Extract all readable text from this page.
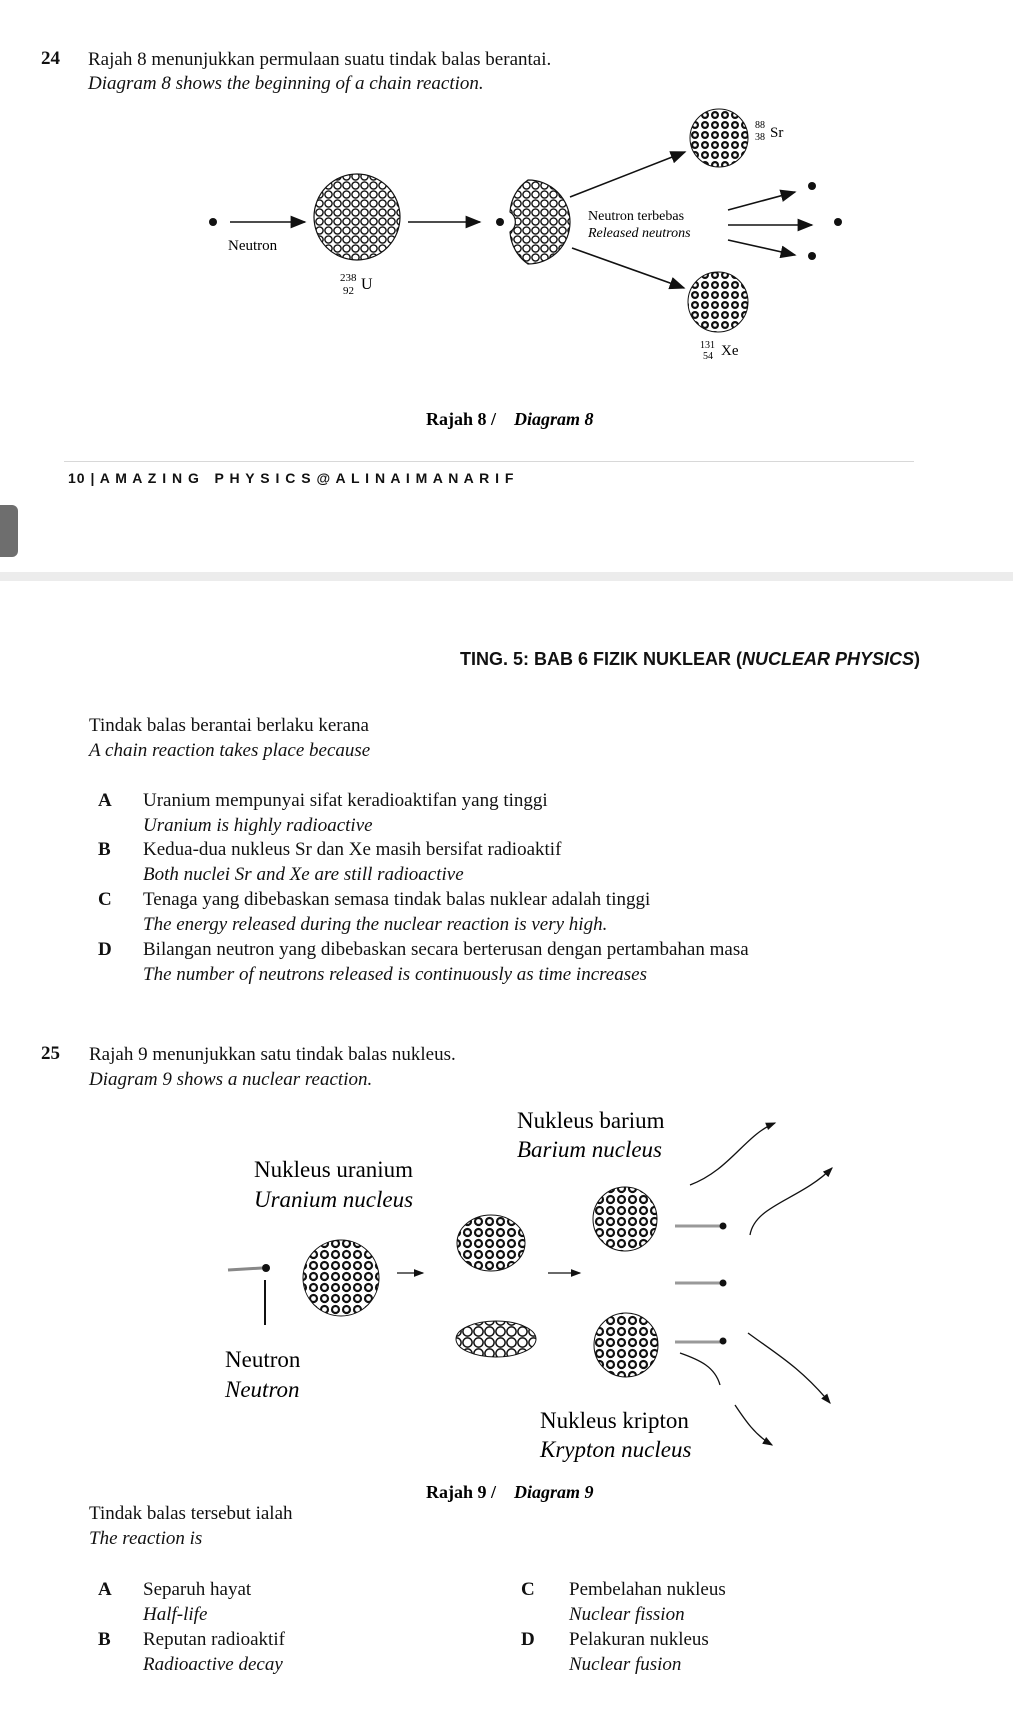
24 Rajah 8 menunjukkan permulaan suatu tindak balas berantai.
Diagram 8 shows the beginning of a chain reaction.
Neutron
238
92 U
88
38 Sr
131
54 Xe
Neutron terbebas
Released neutrons
Rajah 8 / Diagram 8
10 | A M A Z I N G   P H Y S I C S @ A L I N A I M A N A R I F
TING. 5: BAB 6 FIZIK NUKLEAR (NUCLEAR PHYSICS)
Tindak balas berantai berlaku kerana
A chain reaction takes place because
A Uranium mempunyai sifat keradioaktifan yang tinggi
Uranium is highly radioactive
B Kedua-dua nukleus Sr dan Xe masih bersifat radioaktif
Both nuclei Sr and Xe are still radioactive
C Tenaga yang dibebaskan semasa tindak balas nuklear adalah tinggi
The energy released during the nuclear reaction is very high.
D Bilangan neutron yang dibebaskan secara berterusan dengan pertambahan masa
The number of neutrons released is continuously as time increases
25 Rajah 9 menunjukkan satu tindak balas nukleus.
Diagram 9 shows a nuclear reaction.
Nukleus barium
Barium nucleus
Nukleus uranium
Uranium nucleus
Neutron
Neutron
Nukleus kripton
Krypton nucleus
Rajah 9 / Diagram 9
Tindak balas tersebut ialah
The reaction is
A Separuh hayat
Half-life
B Reputan radioaktif
Radioactive decay
C Pembelahan nukleus
Nuclear fission
D Pelakuran nukleus
Nuclear fusion
